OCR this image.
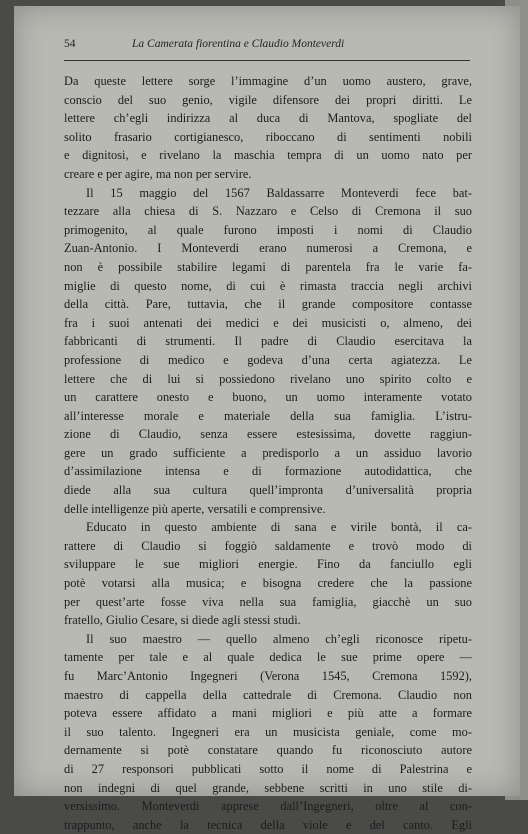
54	La Camerata fiorentina e Claudio Monteverdi
Da queste lettere sorge l’immagine d’un uomo austero, grave,
conscio del suo genio, vigile difensore dei propri diritti. Le
lettere ch’egli indirizza al duca di Mantova, spogliate del
solito frasario cortigianesco, riboccano di sentimenti nobili
e dignitosi, e rivelano la maschia tempra di un uomo nato per
creare e per agire, ma non per servire.
Il 15 maggio del 1567 Baldassarre Monteverdi fece bat-
tezzare alla chiesa di S. Nazzaro e Celso di Cremona il suo
primogenito, al quale furono imposti i nomi di Claudio
Zuan-Antonio. I Monteverdi erano numerosi a Cremona, e
non è possibile stabilire legami di parentela fra le varie fa-
miglie di questo nome, di cui è rimasta traccia negli archivi
della città. Pare, tuttavia, che il grande compositore contasse
fra i suoi antenati dei medici e dei musicisti o, almeno, dei
fabbricanti di strumenti. Il padre di Claudio esercitava la
professione di medico e godeva d’una certa agiatezza. Le
lettere che di lui si possiedono rivelano uno spirito colto e
un carattere onesto e buono, un uomo interamente votato
all’interesse morale e materiale della sua famiglia. L’istru-
zione di Claudio, senza essere estesissima, dovette raggiun-
gere un grado sufficiente a predisporlo a un assiduo lavorio
d’assimilazione intensa e di formazione autodidattica, che
diede alla sua cultura quell’impronta d’universalità propria
delle intelligenze più aperte, versatili e comprensive.
Educato in questo ambiente di sana e virile bontà, il ca-
rattere di Claudio si foggiò saldamente e trovò modo di
sviluppare le sue migliori energie. Fino da fanciullo egli
potè votarsi alla musica; e bisogna credere che la passione
per quest’arte fosse viva nella sua famiglia, giacchè un suo
fratello, Giulio Cesare, si diede agli stessi studi.
Il suo maestro — quello almeno ch’egli riconosce ripetu-
tamente per tale e al quale dedica le sue prime opere —
fu Marc’Antonio Ingegneri (Verona 1545, Cremona 1592),
maestro di cappella della cattedrale di Cremona. Claudio non
poteva essere affidato a mani migliori e più atte a formare
il suo talento. Ingegneri era un musicista geniale, come mo-
dernamente si potè constatare quando fu riconosciuto autore
di 27 responsori pubblicati sotto il nome di Palestrina e
non indegni di quel grande, sebbene scritti in uno stile di-
versissimo. Monteverdi apprese dall’Ingegneri, oltre al con-
trappunto, anche la tecnica della viole e del canto. Egli
